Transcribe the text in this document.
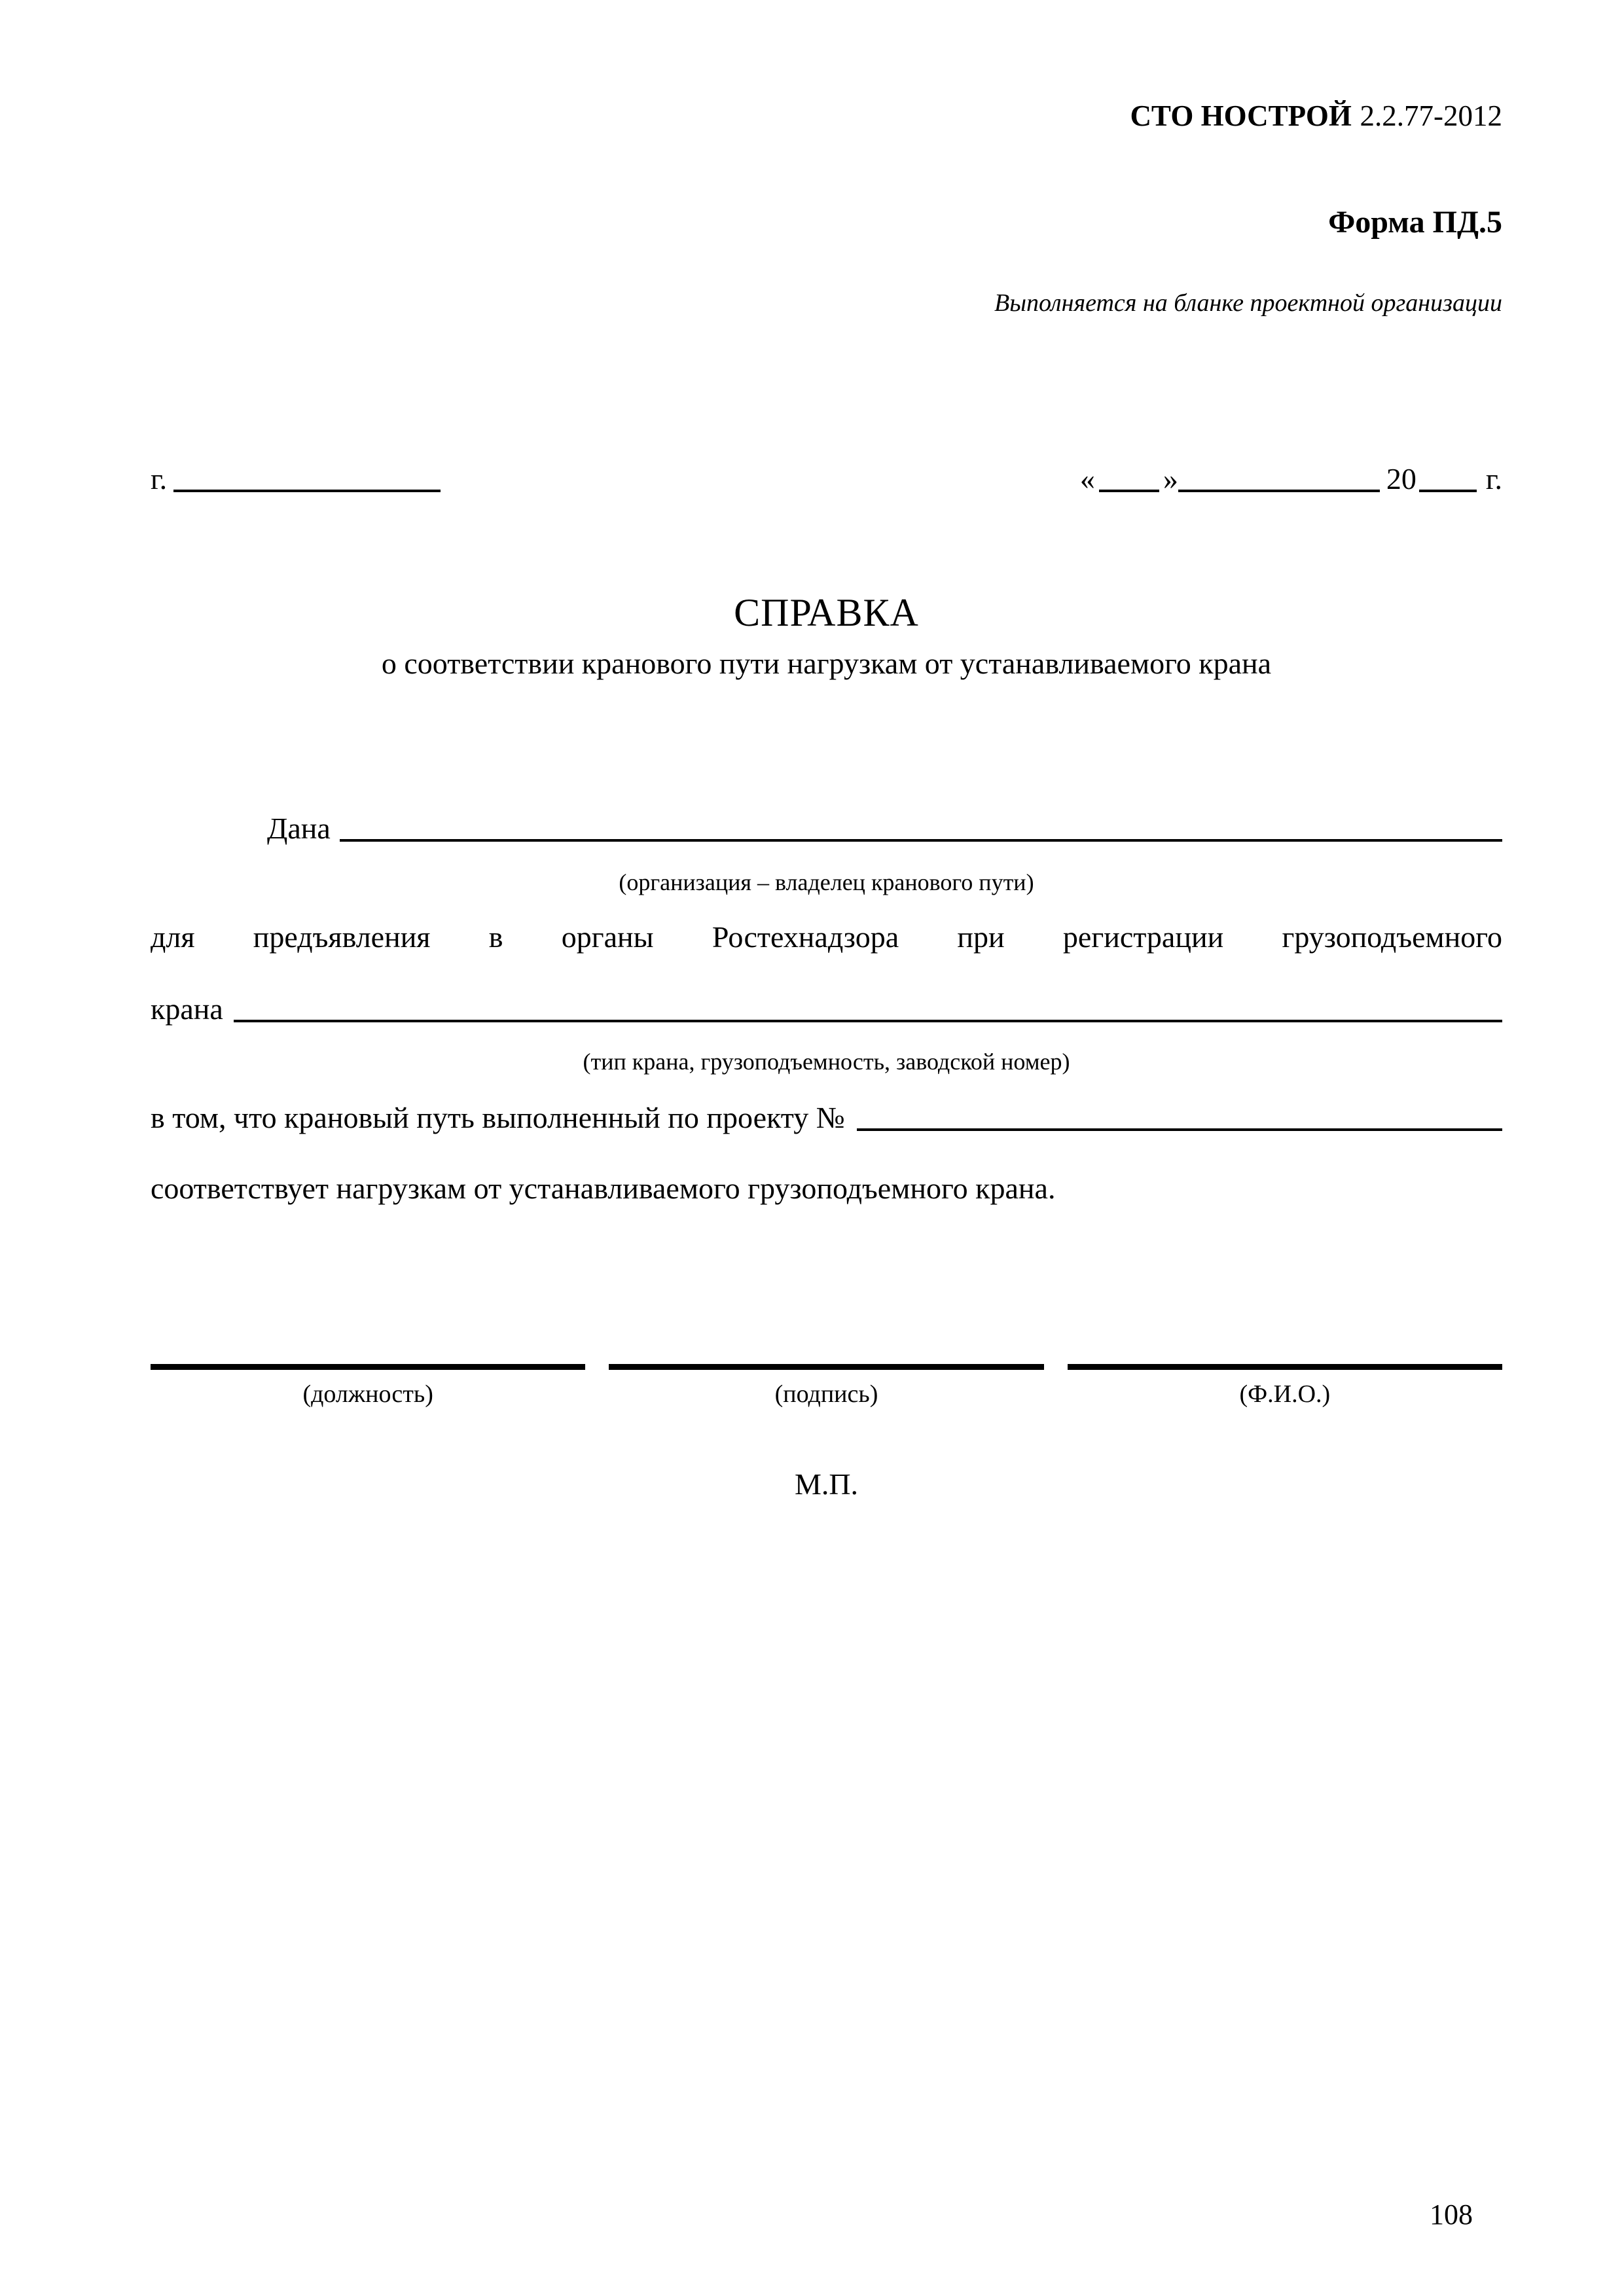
СТО НОСТРОЙ 2.2.77-2012
Форма ПД.5
Выполняется на бланке проектной организации
г.	« »	20 г.
СПРАВКА
о соответствии кранового пути нагрузкам от устанавливаемого крана
Дана
(организация – владелец кранового пути)
для предъявления в органы Ростехнадзора при регистрации грузоподъемного
крана
(тип крана, грузоподъемность, заводской номер)
в том, что крановый путь выполненный по проекту №
соответствует нагрузкам от устанавливаемого грузоподъемного крана.
(должность)	(подпись)	(Ф.И.О.)
М.П.
108
